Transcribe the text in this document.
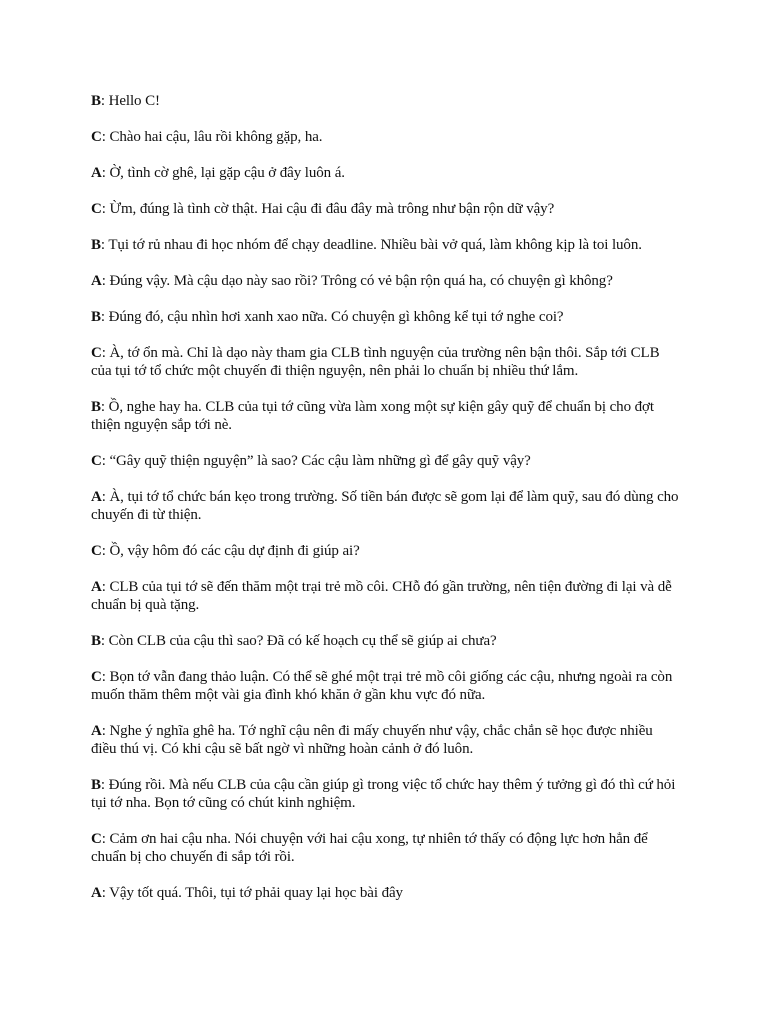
B: Hello C!

C: Chào hai cậu, lâu rồi không gặp, ha.

A: Ờ, tình cờ ghê, lại gặp cậu ở đây luôn á.

C: Ừm, đúng là tình cờ thật. Hai cậu đi đâu đây mà trông như bận rộn dữ vậy?

B: Tụi tớ rủ nhau đi học nhóm để chạy deadline. Nhiều bài vở quá, làm không kịp là toi luôn.

A: Đúng vậy. Mà cậu dạo này sao rồi? Trông có vẻ bận rộn quá ha, có chuyện gì không?

B: Đúng đó, cậu nhìn hơi xanh xao nữa. Có chuyện gì không kể tụi tớ nghe coi?

C: À, tớ ổn mà. Chỉ là dạo này tham gia CLB tình nguyện của trường nên bận thôi. Sắp tới CLB của tụi tớ tổ chức một chuyến đi thiện nguyện, nên phải lo chuẩn bị nhiều thứ lắm.

B: Ồ, nghe hay ha. CLB của tụi tớ cũng vừa làm xong một sự kiện gây quỹ để chuẩn bị cho đợt thiện nguyện sắp tới nè.

C: “Gây quỹ thiện nguyện” là sao? Các cậu làm những gì để gây quỹ vậy?

A: À, tụi tớ tổ chức bán kẹo trong trường. Số tiền bán được sẽ gom lại để làm quỹ, sau đó dùng cho chuyến đi từ thiện.

C: Ồ, vậy hôm đó các cậu dự định đi giúp ai?

A: CLB của tụi tớ sẽ đến thăm một trại trẻ mồ côi. CHỗ đó gần trường, nên tiện đường đi lại và dễ chuẩn bị quà tặng.

B: Còn CLB của cậu thì sao? Đã có kế hoạch cụ thể sẽ giúp ai chưa?

C: Bọn tớ vẫn đang thảo luận. Có thể sẽ ghé một trại trẻ mồ côi giống các cậu, nhưng ngoài ra còn muốn thăm thêm một vài gia đình khó khăn ở gần khu vực đó nữa.

A: Nghe ý nghĩa ghê ha. Tớ nghĩ cậu nên đi mấy chuyến như vậy, chắc chắn sẽ học được nhiều điều thú vị. Có khi cậu sẽ bất ngờ vì những hoàn cảnh ở đó luôn.

B: Đúng rồi. Mà nếu CLB của cậu cần giúp gì trong việc tổ chức hay thêm ý tưởng gì đó thì cứ hỏi tụi tớ nha. Bọn tớ cũng có chút kinh nghiệm.

C: Cảm ơn hai cậu nha. Nói chuyện với hai cậu xong, tự nhiên tớ thấy có động lực hơn hẳn để chuẩn bị cho chuyến đi sắp tới rồi.

A: Vậy tốt quá. Thôi, tụi tớ phải quay lại học bài đây
